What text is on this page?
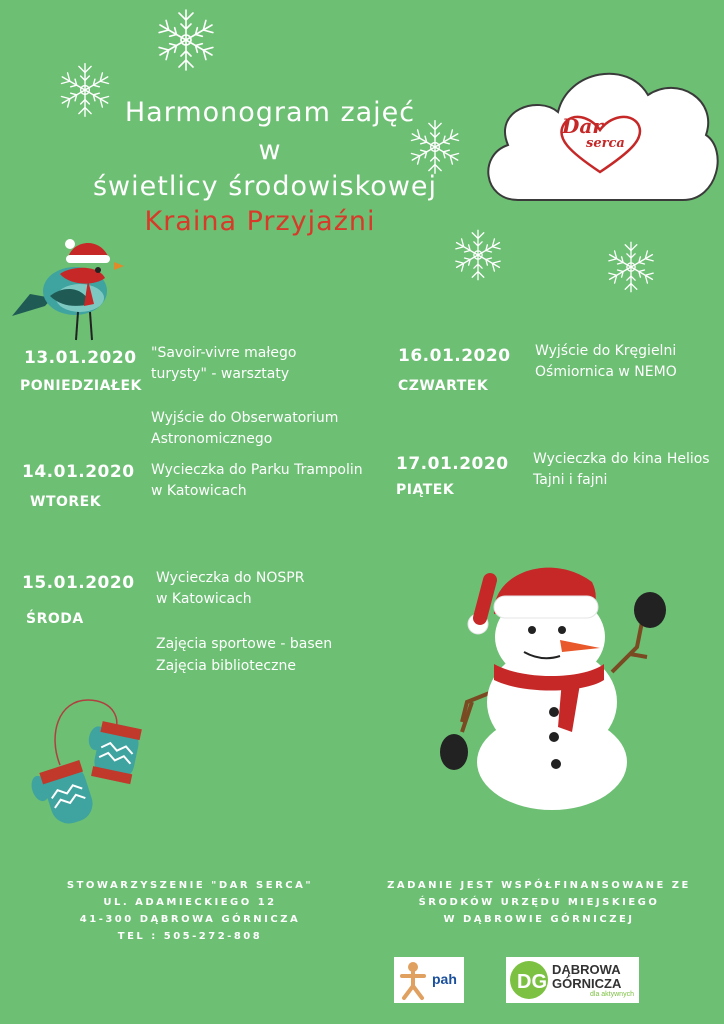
Harmonogram zajęć
w
świetlicy środowiskowej
Kraina Przyjaźni
Dar
serca
13.01.2020
PONIEDZIAŁEK
"Savoir-vivre małego
turysty" - warsztaty
Wyjście do Obserwatorium
Astronomicznego
14.01.2020
WTOREK
Wycieczka do Parku Trampolin
w Katowicach
15.01.2020
ŚRODA
Wycieczka do NOSPR
w Katowicach
Zajęcia sportowe - basen
Zajęcia biblioteczne
16.01.2020
CZWARTEK
Wyjście do Kręgielni
Ośmiornica w NEMO
17.01.2020
PIĄTEK
Wycieczka do kina Helios
Tajni i fajni
STOWARZYSZENIE "DAR SERCA"
UL. ADAMIECKIEGO 12
41-300 DĄBROWA GÓRNICZA
TEL : 505-272-808
ZADANIE JEST WSPÓŁFINANSOWANE ZE
ŚRODKÓW URZĘDU MIEJSKIEGO
W DĄBROWIE GÓRNICZEJ
pah	DG
DĄBROWA
GÓRNICZA
dla aktywnych
